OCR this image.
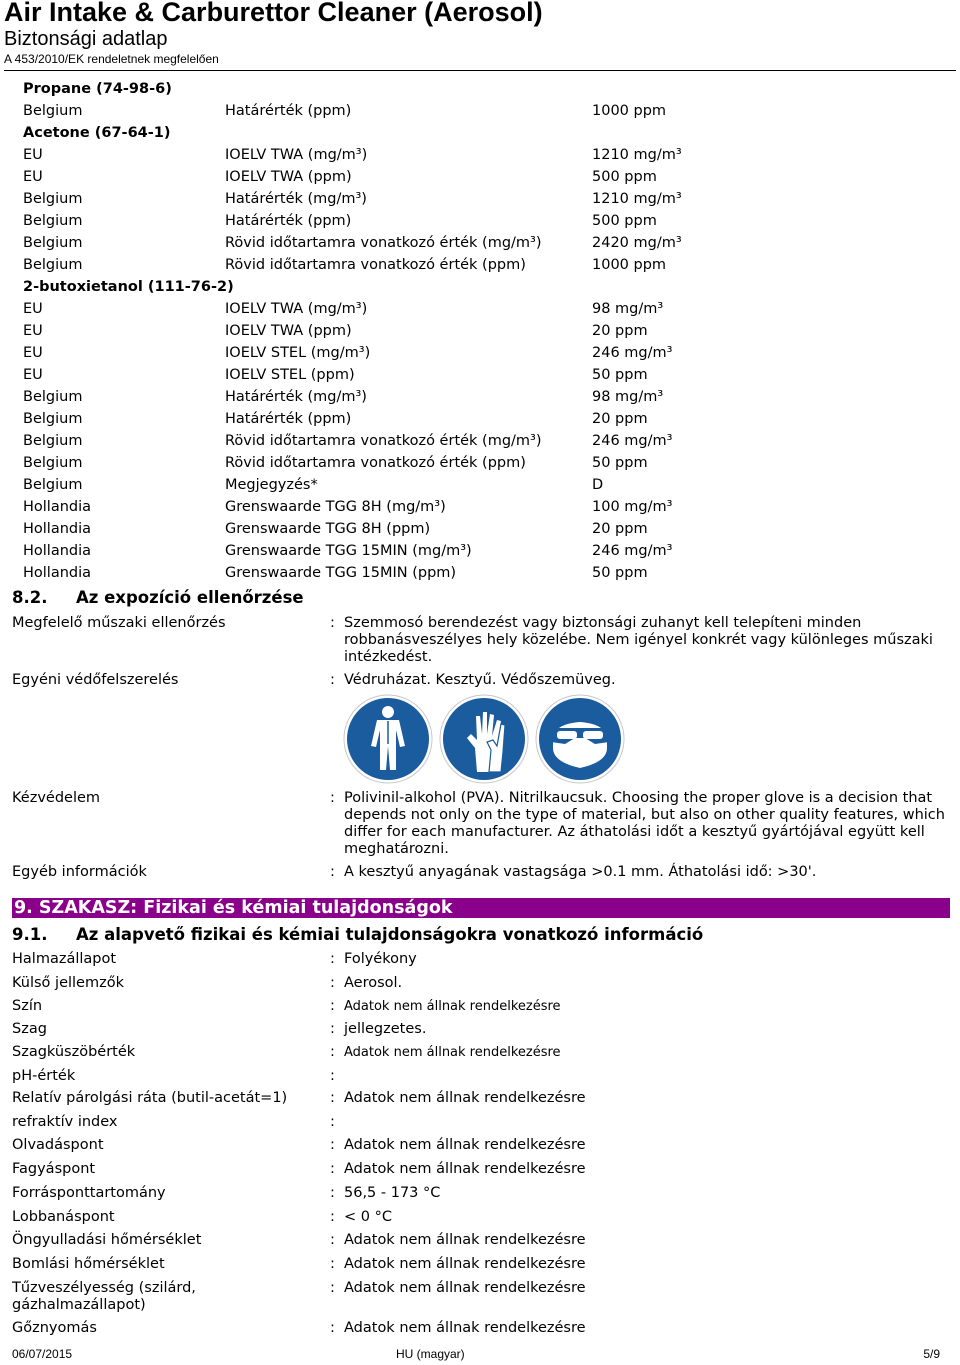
Air Intake & Carburettor Cleaner (Aerosol)
Biztonsági adatlap
A 453/2010/EK rendeletnek megfelelően
Propane (74-98-6)
Belgium	Határérték (ppm)	1000 ppm
Acetone (67-64-1)
EU	IOELV TWA (mg/m³)	1210 mg/m³
EU	IOELV TWA (ppm)	500 ppm
Belgium	Határérték (mg/m³)	1210 mg/m³
Belgium	Határérték (ppm)	500 ppm
Belgium	Rövid időtartamra vonatkozó érték (mg/m³)	2420 mg/m³
Belgium	Rövid időtartamra vonatkozó érték (ppm)	1000 ppm
2-butoxietanol (111-76-2)
EU	IOELV TWA (mg/m³)	98 mg/m³
EU	IOELV TWA (ppm)	20 ppm
EU	IOELV STEL (mg/m³)	246 mg/m³
EU	IOELV STEL (ppm)	50 ppm
Belgium	Határérték (mg/m³)	98 mg/m³
Belgium	Határérték (ppm)	20 ppm
Belgium	Rövid időtartamra vonatkozó érték (mg/m³)	246 mg/m³
Belgium	Rövid időtartamra vonatkozó érték (ppm)	50 ppm
Belgium	Megjegyzés*	D
Hollandia	Grenswaarde TGG 8H (mg/m³)	100 mg/m³
Hollandia	Grenswaarde TGG 8H (ppm)	20 ppm
Hollandia	Grenswaarde TGG 15MIN (mg/m³)	246 mg/m³
Hollandia	Grenswaarde TGG 15MIN (ppm)	50 ppm
8.2. Az expozíció ellenőrzése
Megfelelő műszaki ellenőrzés	: Szemmosó berendezést vagy biztonsági zuhanyt kell telepíteni minden robbanásveszélyes hely közelébe. Nem igényel konkrét vagy különleges műszaki intézkedést.
Egyéni védőfelszerelés	: Védruházat. Kesztyű. Védőszemüveg.
Kézvédelem	: Polivinil-alkohol (PVA). Nitrilkaucsuk. Choosing the proper glove is a decision that depends not only on the type of material, but also on other quality features, which differ for each manufacturer. Az áthatolási időt a kesztyű gyártójával együtt kell meghatározni.
Egyéb információk	: A kesztyű anyagának vastagsága >0.1 mm. Áthatolási idő: >30'.
9. SZAKASZ: Fizikai és kémiai tulajdonságok
9.1. Az alapvető fizikai és kémiai tulajdonságokra vonatkozó információ
Halmazállapot	: Folyékony
Külső jellemzők	: Aerosol.
Szín	: Adatok nem állnak rendelkezésre
Szag	: jellegzetes.
Szagküszöbérték	: Adatok nem állnak rendelkezésre
pH-érték	:
Relatív párolgási ráta (butil-acetát=1)	: Adatok nem állnak rendelkezésre
refraktív index	:
Olvadáspont	: Adatok nem állnak rendelkezésre
Fagyáspont	: Adatok nem állnak rendelkezésre
Forrásponttartomány	: 56,5 - 173 °C
Lobbanáspont	: < 0 °C
Öngyulladási hőmérséklet	: Adatok nem állnak rendelkezésre
Bomlási hőmérséklet	: Adatok nem állnak rendelkezésre
Tűzveszélyesség (szilárd, gázhalmazállapot)
: Adatok nem állnak rendelkezésre
Gőznyomás	: Adatok nem állnak rendelkezésre
06/07/2015	HU (magyar)	5/9
